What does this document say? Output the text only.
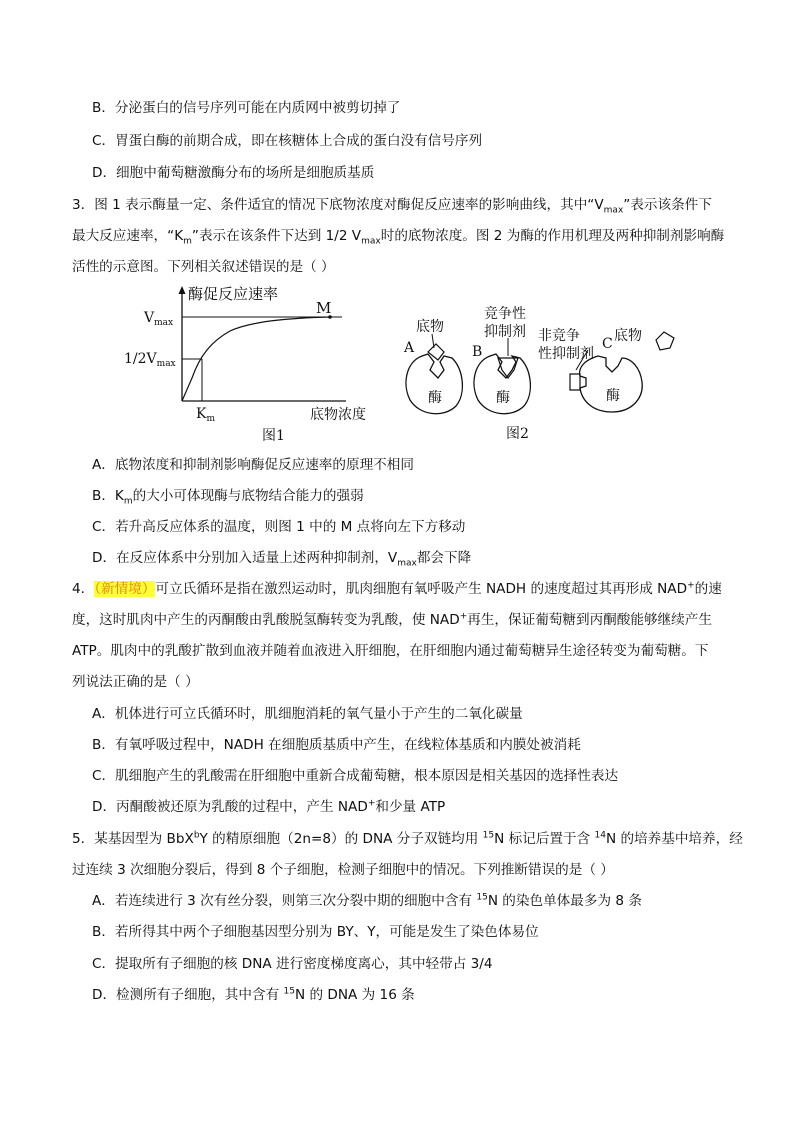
B．分泌蛋白的信号序列可能在内质网中被剪切掉了
C．胃蛋白酶的前期合成，即在核糖体上合成的蛋白没有信号序列
D．细胞中葡萄糖激酶分布的场所是细胞质基质
3．图 1 表示酶量一定、条件适宜的情况下底物浓度对酶促反应速率的影响曲线，其中“$V_{max}$”表示该条件下
最大反应速率，“$K_m$”表示在该条件下达到 1/2 $V_{max}$时的底物浓度。图 2 为酶的作用机理及两种抑制剂影响酶
活性的示意图。下列相关叙述错误的是（ ）
酶促反应速率
$V_{max}$
$1/2V_{max}$
M
$K_m$	底物浓度
图1
A
底物
酶
B
竞争性
抑制剂
酶
C
非竞争
性抑制剂
底物
酶
图2
A．底物浓度和抑制剂影响酶促反应速率的原理不相同
B．$K_m$的大小可体现酶与底物结合能力的强弱
C．若升高反应体系的温度，则图 1 中的 M 点将向左下方移动
D．在反应体系中分别加入适量上述两种抑制剂，$V_{max}$都会下降
4．（新情境）可立氏循环是指在激烈运动时，肌肉细胞有氧呼吸产生 NADH 的速度超过其再形成 NAD+的速
度，这时肌肉中产生的丙酮酸由乳酸脱氢酶转变为乳酸，使 NAD+再生，保证葡萄糖到丙酮酸能够继续产生
ATP。肌肉中的乳酸扩散到血液并随着血液进入肝细胞，在肝细胞内通过葡萄糖异生途径转变为葡萄糖。下
列说法正确的是（ ）
A．机体进行可立氏循环时，肌细胞消耗的氧气量小于产生的二氧化碳量
B．有氧呼吸过程中，NADH 在细胞质基质中产生，在线粒体基质和内膜处被消耗
C．肌细胞产生的乳酸需在肝细胞中重新合成葡萄糖，根本原因是相关基因的选择性表达
D．丙酮酸被还原为乳酸的过程中，产生 NAD+和少量 ATP
5．某基因型为 BbX$^b$Y 的精原细胞（2n=8）的 DNA 分子双链均用 $^{15}$N 标记后置于含 $^{14}$N 的培养基中培养，经
过连续 3 次细胞分裂后，得到 8 个子细胞，检测子细胞中的情况。下列推断错误的是（ ）
A．若连续进行 3 次有丝分裂，则第三次分裂中期的细胞中含有 $^{15}$N 的染色单体最多为 8 条
B．若所得其中两个子细胞基因型分别为 BY、Y，可能是发生了染色体易位
C．提取所有子细胞的核 DNA 进行密度梯度离心，其中轻带占 3/4
D．检测所有子细胞，其中含有 $^{15}$N 的 DNA 为 16 条
